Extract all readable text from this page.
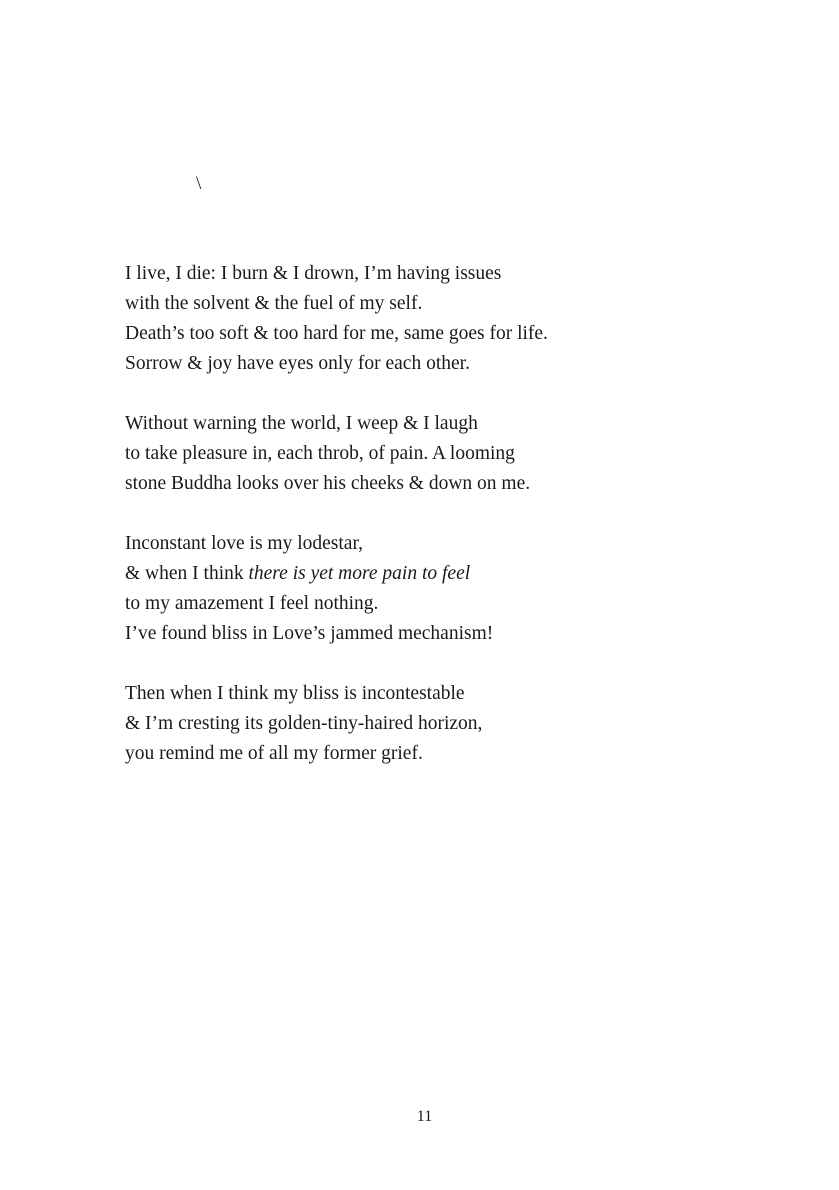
\
I live, I die: I burn & I drown, I’m having issues
with the solvent & the fuel of my self.
Death’s too soft & too hard for me, same goes for life.
Sorrow & joy have eyes only for each other.
Without warning the world, I weep & I laugh
to take pleasure in, each throb, of pain. A looming
stone Buddha looks over his cheeks & down on me.
Inconstant love is my lodestar,
& when I think there is yet more pain to feel
to my amazement I feel nothing.
I’ve found bliss in Love’s jammed mechanism!
Then when I think my bliss is incontestable
& I’m cresting its golden-tiny-haired horizon,
you remind me of all my former grief.
11
